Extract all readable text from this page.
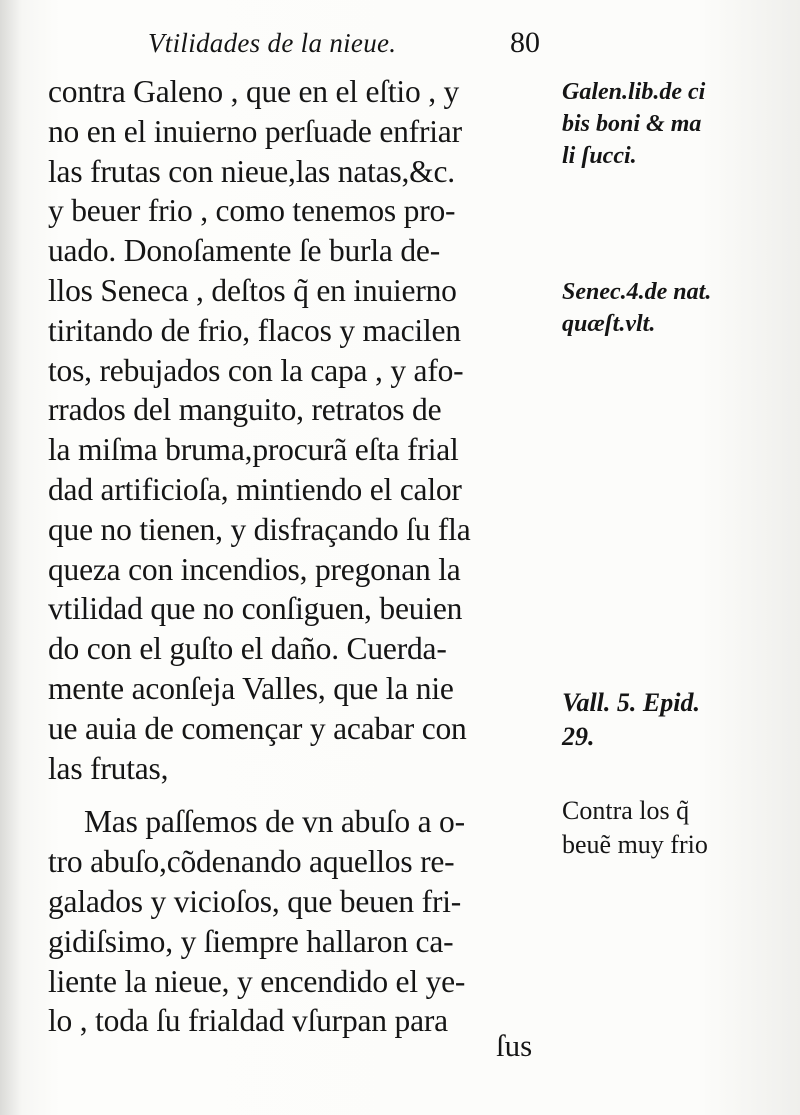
Vtilidades de la nieue.	80
contra Galeno , que en el eſtio , y
no en el inuierno perſuade enfriar
las frutas con nieue,las natas,&c.
y beuer frio , como tenemos pro-
uado. Donoſamente ſe burla de-
llos Seneca , deſtos q̃ en inuierno
tiritando de frio, flacos y macilen
tos, rebujados con la capa , y afo-
rrados del manguito, retratos de
la miſma bruma,procurã eſta frial
dad artificioſa, mintiendo el calor
que no tienen, y disfraçando ſu fla
queza con incendios, pregonan la
vtilidad que no conſiguen, beuien
do con el guſto el daño. Cuerda-
mente aconſeja Valles, que la nie
ue auia de començar y acabar con
las frutas,
Mas paſſemos de vn abuſo a o-
tro abuſo,cõdenando aquellos re-
galados y vicioſos, que beuen fri-
gidiſsimo, y ſiempre hallaron ca-
liente la nieue, y encendido el ye-
lo , toda ſu frialdad vſurpan para
Galen.lib.de ci
bis boni & ma
li ſucci.
Senec.4.de nat.
quæſt.vlt.
Vall. 5. Epid.
29.
Contra los q̃
beuẽ muy frio
ſus
